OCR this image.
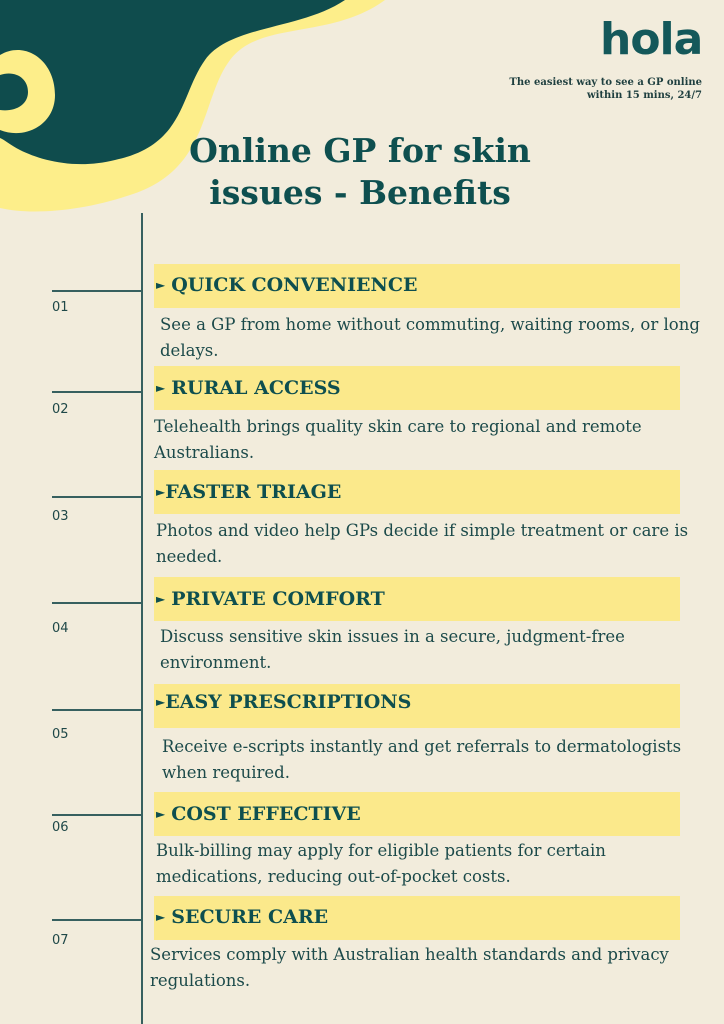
hola
The easiest way to see a GP online within 15 mins, 24/7
Online GP for skin issues - Benefits
01
► QUICK CONVENIENCE
See a GP from home without commuting, waiting rooms, or long delays.
02
► RURAL ACCESS
Telehealth brings quality skin care to regional and remote Australians.
03
►FASTER TRIAGE
Photos and video help GPs decide if simple treatment or care is needed.
04
► PRIVATE COMFORT
Discuss sensitive skin issues in a secure, judgment-free environment.
05
►EASY PRESCRIPTIONS
Receive e-scripts instantly and get referrals to dermatologists when required.
06
► COST EFFECTIVE
Bulk-billing may apply for eligible patients for certain medications, reducing out-of-pocket costs.
07
► SECURE CARE
Services comply with Australian health standards and privacy regulations.
